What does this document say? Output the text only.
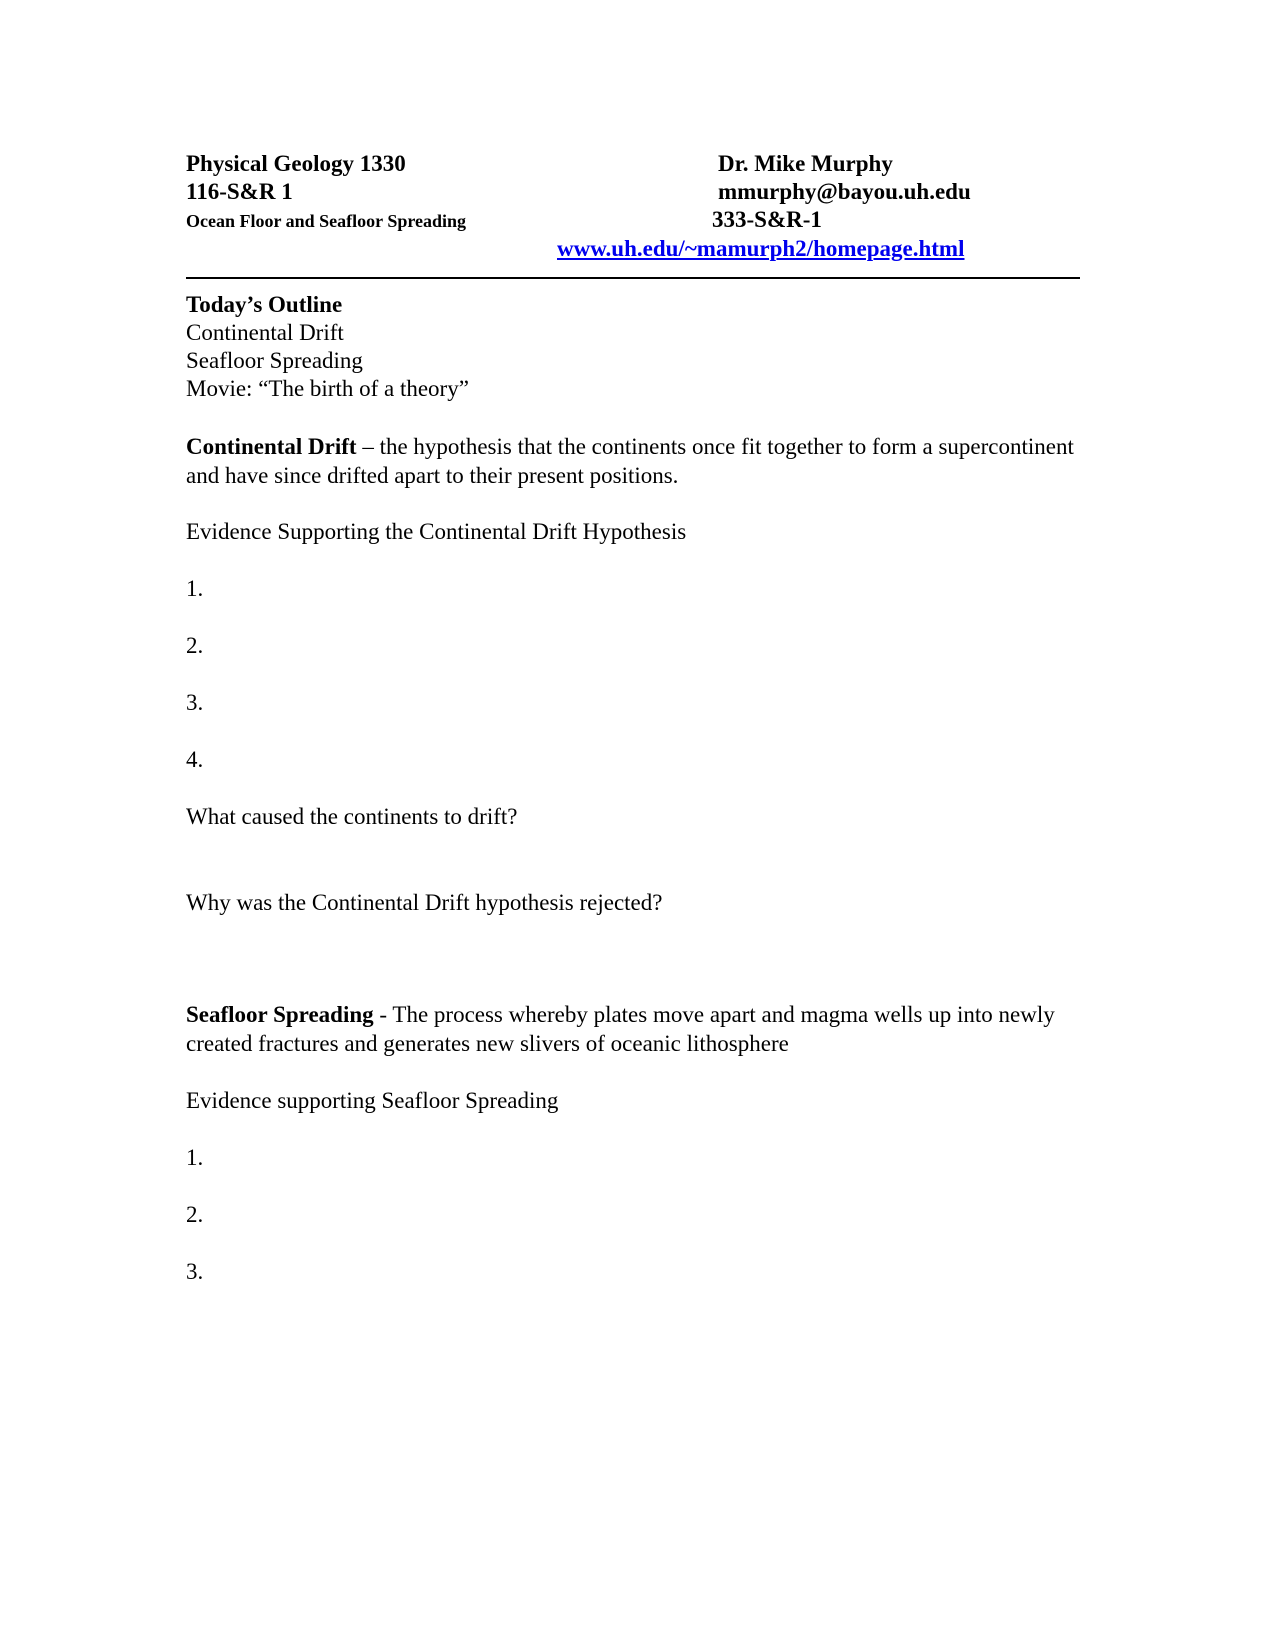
Physical Geology 1330
116-S&R 1
Ocean Floor and Seafloor Spreading
Dr. Mike Murphy
mmurphy@bayou.uh.edu
333-S&R-1
www.uh.edu/~mamurph2/homepage.html
Today’s Outline
Continental Drift
Seafloor Spreading
Movie: “The birth of a theory”
Continental Drift – the hypothesis that the continents once fit together to form a supercontinent and have since drifted apart to their present positions.
Evidence Supporting the Continental Drift Hypothesis
1.
2.
3.
4.
What caused the continents to drift?
Why was the Continental Drift hypothesis rejected?
Seafloor Spreading - The process whereby plates move apart and magma wells up into newly created fractures and generates new slivers of oceanic lithosphere
Evidence supporting Seafloor Spreading
1.
2.
3.
